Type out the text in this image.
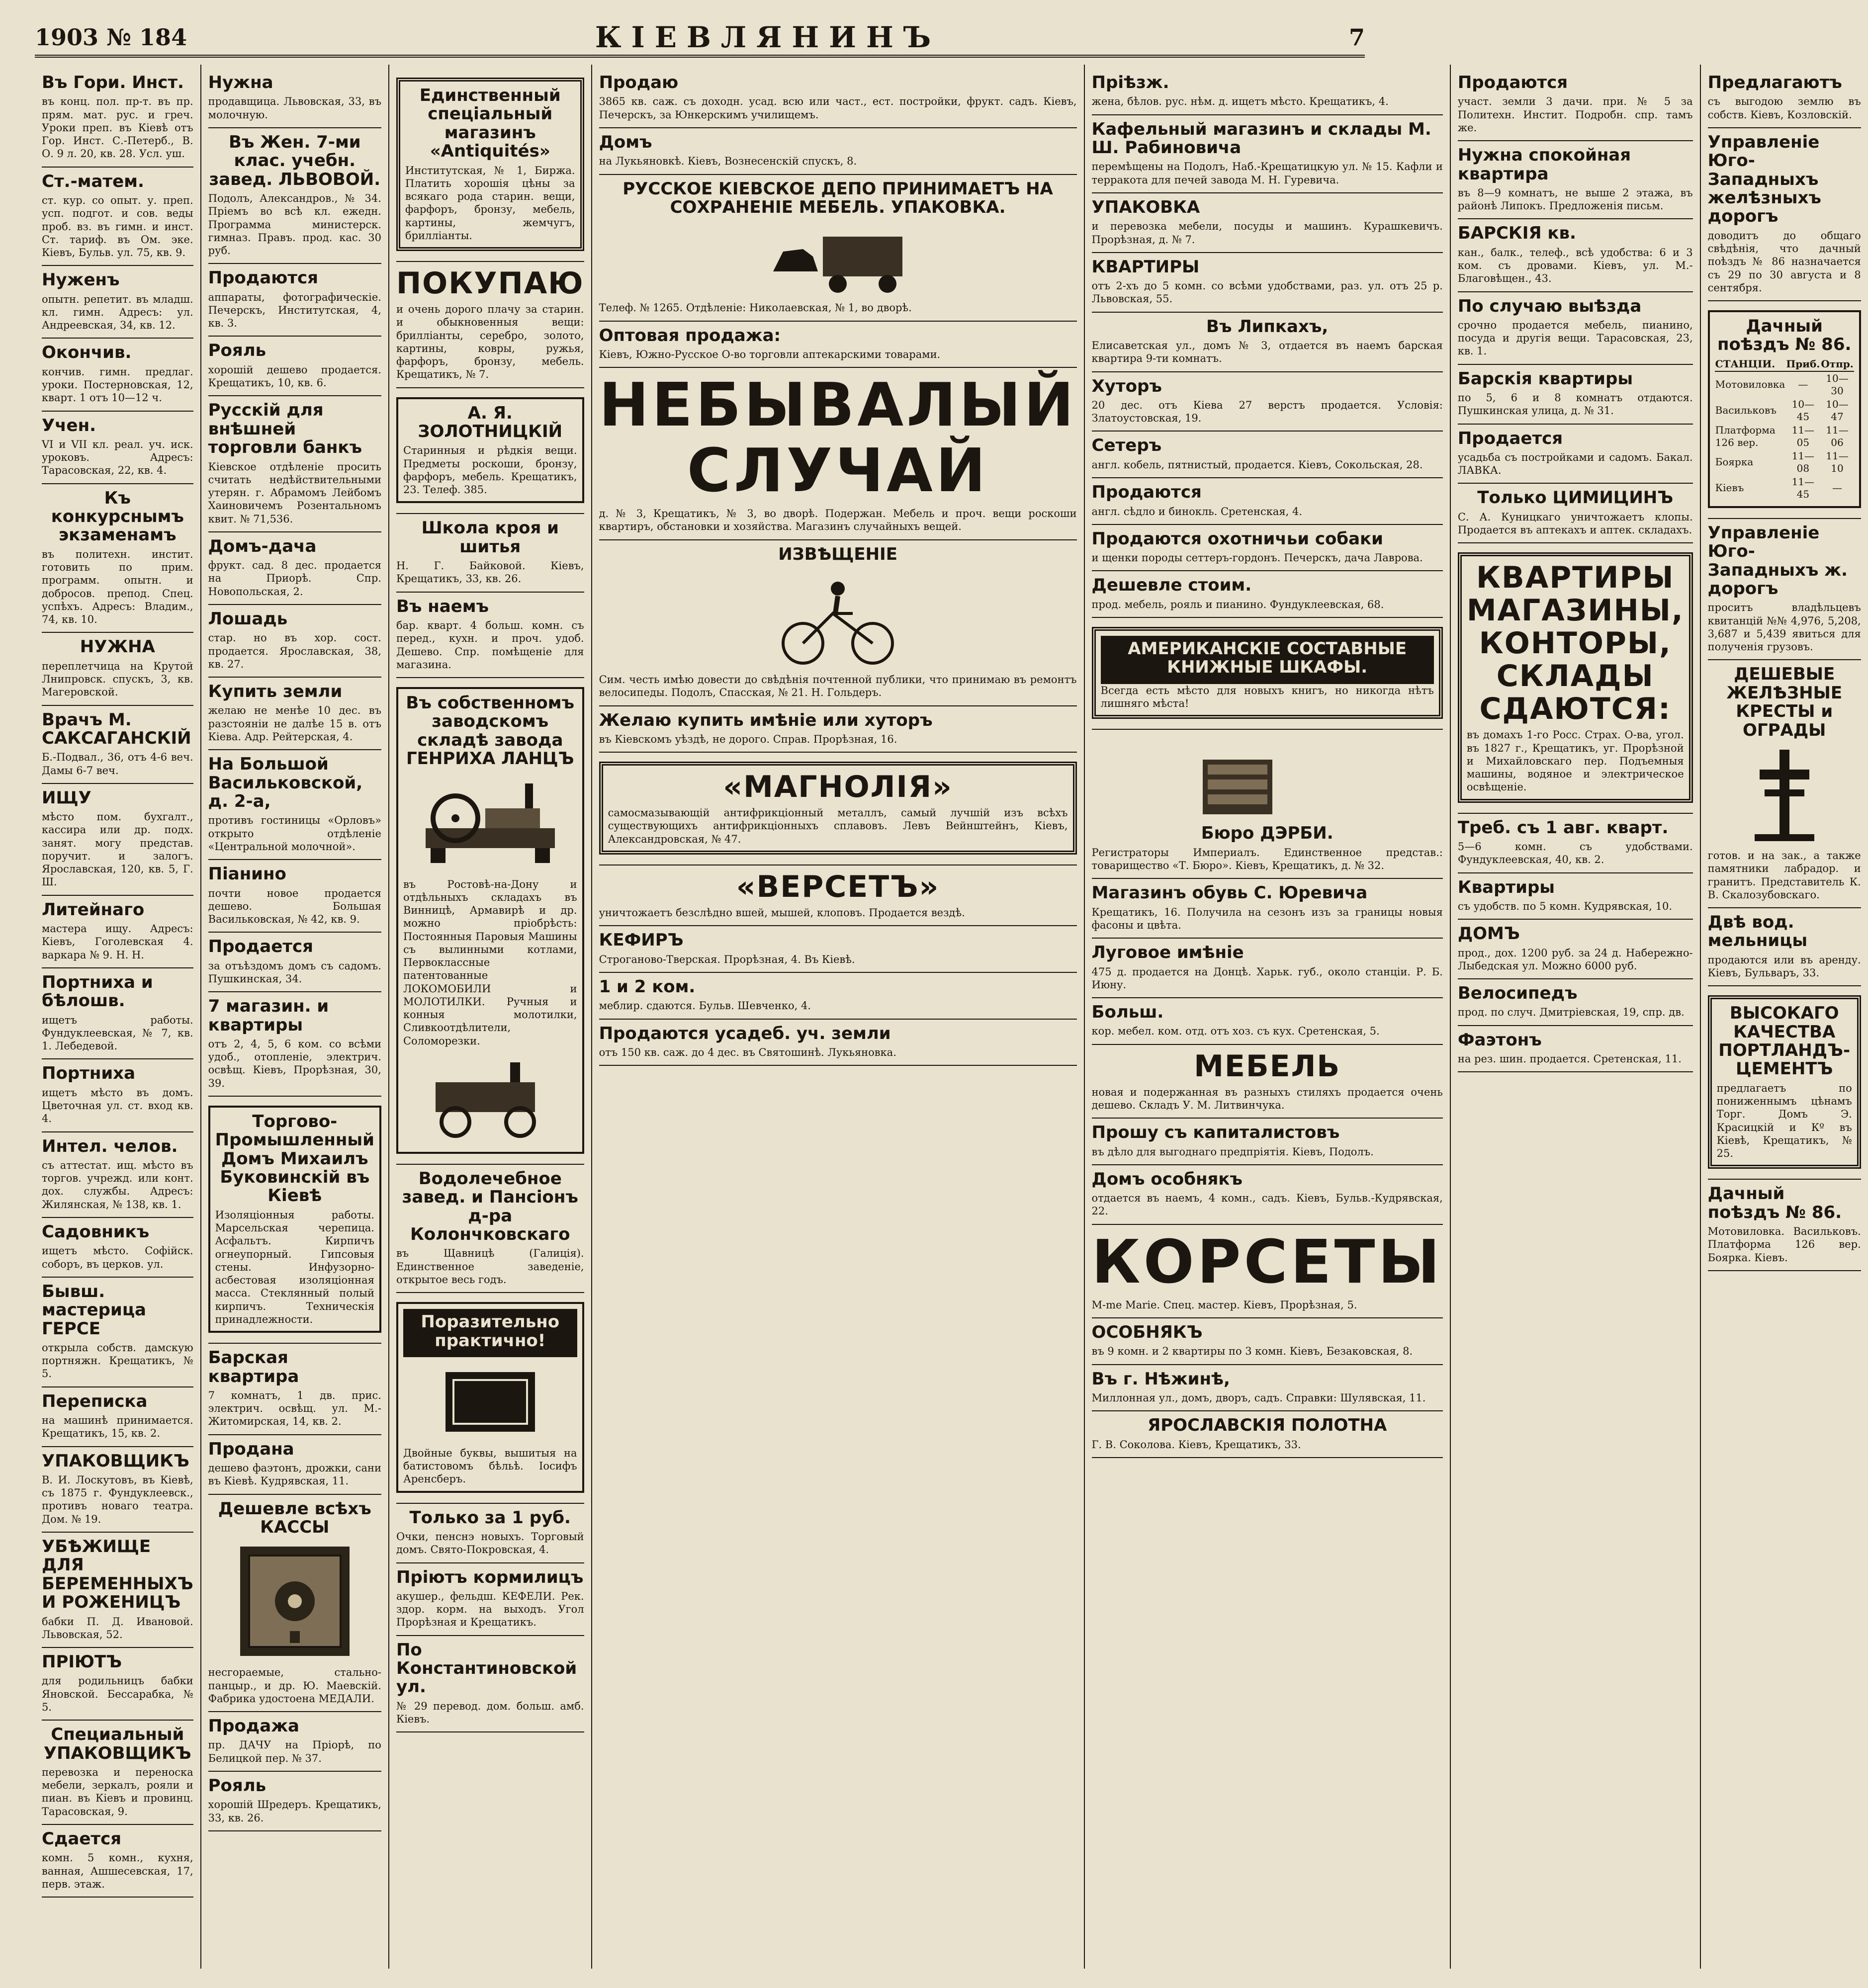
1903 № 184	КІЕВЛЯНИНЪ	7
Въ Гори. Инст.
въ конц. пол. пр-т. въ пр. прям. мат. рус. и греч. Уроки преп. въ Кіевѣ отъ Гор. Инст. С.-Петерб., В. О. 9 л. 20, кв. 28. Усл. уш.
Ст.-матем.
ст. кур. со опыт. у. преп. усп. подгот. и сов. веды проб. вз. въ гимн. и инст. Ст. тариф. въ Ом. эке. Кіевъ, Бульв. ул. 75, кв. 9.
Нуженъ
опытн. репетит. въ младш. кл. гимн. Адресъ: ул. Андреевская, 34, кв. 12.
Окончив.
кончив. гимн. предлаг. уроки. Постерновская, 12, кварт. 1 отъ 10—12 ч.
Учен.
VI и VII кл. реал. уч. иск. уроковъ. Адресъ: Тарасовская, 22, кв. 4.
Къ конкурснымъ экзаменамъ
въ политехн. инстит. готовить по прим. программ. опытн. и добросов. препод. Спец. успѣхъ. Адресъ: Владим., 74, кв. 10.
НУЖНА
переплетчица на Крутой Лнипровск. спускъ, 3, кв. Магеровской.
Врачъ М. САКСАГАНСКІЙ
Б.-Подвал., 36, отъ 4-6 веч. Дамы 6-7 веч.
ИЩУ
мѣсто пом. бухгалт., кассира или др. подх. занят. могу представ. поручит. и залогъ. Ярославская, 120, кв. 5, Г. Ш.
Литейнаго
мастера ищу. Адресъ: Кіевъ, Гоголевская 4. варкара № 9. Н. Н.
Портниха и бѣлошв.
ищетъ работы. Фундуклеевская, № 7, кв. 1. Лебедевой.
Портниха
ищетъ мѣсто въ домъ. Цветочная ул. ст. вход кв. 4.
Интел. челов.
съ аттестат. ищ. мѣсто въ торгов. учрежд. или конт. дох. службы. Адресъ: Жилянская, № 138, кв. 1.
Садовникъ
ищетъ мѣсто. Софійск. соборъ, въ церков. ул.
Бывш. мастерица ГЕРСЕ
открыла собств. дамскую портняжн. Крещатикъ, № 5.
Переписка
на машинѣ принимается. Крещатикъ, 15, кв. 2.
УПАКОВЩИКЪ
В. И. Лоскутовъ, въ Кіевѣ, съ 1875 г. Фундуклеевск., противъ новаго театра. Дом. № 19.
УБѢЖИЩЕ ДЛЯ БЕРЕМЕННЫХЪ И РОЖЕНИЦЪ
бабки П. Д. Ивановой. Львовская, 52.
ПРІЮТЪ
для родильницъ бабки Яновской. Бессарабка, № 5.
Специальный УПАКОВЩИКЪ
перевозка и переноска мебели, зеркалъ, рояли и пиан. въ Кіевъ и провинц. Тарасовская, 9.
Сдается
комн. 5 комн., кухня, ванная, Ашшесевская, 17, перв. этаж.
Нужна
продавщица. Львовская, 33, въ молочную.
Въ Жен. 7-ми клас. учебн. завед. ЛЬВОВОЙ.
Подолъ, Александров., № 34. Пріемъ во всѣ кл. ежедн. Программа министерск. гимназ. Правъ. прод. кас. 30 руб.
Продаются
аппараты, фотографическіе. Печерскъ, Институтская, 4, кв. 3.
Рояль
хорошій дешево продается. Крещатикъ, 10, кв. 6.
Русскій для внѣшней торговли банкъ
Кіевское отдѣленіе просить считать недѣйствительными утерян. г. Абрамомъ Лейбомъ Хаиновичемъ Розентальномъ квит. № 71,536.
Домъ-дача
фрукт. сад. 8 дес. продается на Приорѣ. Спр. Новопольская, 2.
Лошадь
стар. но въ хор. сост. продается. Ярославская, 38, кв. 27.
Купить земли
желаю не менѣе 10 дес. въ разстояніи не далѣе 15 в. отъ Кіева. Адр. Рейтерская, 4.
На Большой Васильковской, д. 2-а,
противъ гостиницы «Орловъ» открыто отдѣленіе «Центральной молочной».
Піанино
почти новое продается дешево. Большая Васильковская, № 42, кв. 9.
Продается
за отъѣздомъ домъ съ садомъ. Пушкинская, 34.
7 магазин. и квартиры
отъ 2, 4, 5, 6 ком. со всѣми удоб., отопленіе, электрич. освѣщ. Кіевъ, Прорѣзная, 30, 39.
Торгово-Промышленный Домъ Михаилъ Буковинскій въ Кіевѣ
Изоляціонныя работы. Марсельская черепица. Асфальтъ. Кирпичъ огнеупорный. Гипсовыя стены. Инфузорно-асбестовая изоляціонная масса. Стеклянный полый кирпичъ. Техническія принадлежности.
Барская квартира
7 комнатъ, 1 дв. прис. электрич. освѣщ. ул. М.-Житомирская, 14, кв. 2.
Продана
дешево фаэтонъ, дрожки, сани въ Кіевѣ. Кудрявская, 11.
Дешевле всѣхъ КАССЫ
несгораемые, стально-панцыр., и др. Ю. Маевскій. Фабрика удостоена МЕДАЛИ.
Продажа
пр. ДАЧУ на Пріорѣ, по Белицкой пер. № 37.
Рояль
хорошій Шредеръ. Крещатикъ, 33, кв. 26.
Единственный спеціальный магазинъ «Antiquités»
Институтская, № 1, Биржа. Платить хорошія цѣны за всякаго рода старин. вещи, фарфоръ, бронзу, мебель, картины, жемчугъ, брилліанты.
ПОКУПАЮ
и очень дорого плачу за старин. и обыкновенныя вещи: брилліанты, серебро, золото, картины, ковры, ружья, фарфоръ, бронзу, мебель. Крещатикъ, № 7.
А. Я. ЗОЛОТНИЦКІЙ
Старинныя и рѣдкія вещи. Предметы роскоши, бронзу, фарфоръ, мебель. Крещатикъ, 23. Телеф. 385.
Школа кроя и шитья
Н. Г. Байковой. Кіевъ, Крещатикъ, 33, кв. 26.
Въ наемъ
бар. кварт. 4 больш. комн. съ перед., кухн. и проч. удоб. Дешево. Спр. помѣщеніе для магазина.
Въ собственномъ заводскомъ складѣ завода ГЕНРИХА ЛАНЦЪ
въ Ростовѣ-на-Дону и отдѣльныхъ складахъ въ Винницѣ, Армавирѣ и др. можно пріобрѣсть: Постоянныя Паровыя Машины съ вылинными котлами, Первоклассные патентованные ЛОКОМОБИЛИ и МОЛОТИЛКИ. Ручныя и конныя молотилки, Сливкоотдѣлители, Соломорезки.
Водолечебное завед. и Пансіонъ д-ра Колончковскаго
въ Щавницѣ (Галиція). Единственное заведеніе, открытое весь годъ.
Поразительно практично!
Двойные буквы, вышитыя на батистовомъ бѣльѣ. Іосифъ Аренсберъ.
Только за 1 руб.
Очки, пенснэ новыхъ. Торговый домъ. Свято-Покровская, 4.
Пріютъ кормилицъ
акушер., фельдш. КЕФЕЛИ. Рек. здор. корм. на выходъ. Угол Прорѣзная и Крещатикъ.
По Константиновской ул.
№ 29 перевод. дом. больш. амб. Кіевъ.
Продаю
3865 кв. саж. съ доходн. усад. всю или част., ест. постройки, фрукт. садъ. Кіевъ, Печерскъ, за Юнкерскимъ училищемъ.
Домъ
на Лукьяновкѣ. Кіевъ, Вознесенскій спускъ, 8.
РУССКОЕ КІЕВСКОЕ ДЕПО ПРИНИМАЕТЪ НА СОХРАНЕНІЕ МЕБЕЛЬ. УПАКОВКА.
Телеф. № 1265. Отдѣленіе: Николаевская, № 1, во дворѣ.
Оптовая продажа:
Кіевъ, Южно-Русское О-во торговли аптекарскими товарами.
НЕБЫВАЛЫЙ СЛУЧАЙ
д. № 3, Крещатикъ, № 3, во дворѣ. Подержан. Мебель и проч. вещи роскоши квартиръ, обстановки и хозяйства. Магазинъ случайныхъ вещей.
ИЗВѢЩЕНІЕ
Сим. честь имѣю довести до свѣдѣнія почтенной публики, что принимаю въ ремонтъ велосипеды. Подолъ, Спасская, № 21. Н. Гольдеръ.
Желаю купить имѣніе или хуторъ
въ Кіевскомъ уѣздѣ, не дорого. Справ. Прорѣзная, 16.
«МАГНОЛІЯ»
самосмазывающій антифрикціонный металлъ, самый лучшій изъ всѣхъ существующихъ антифрикціонныхъ сплавовъ. Левъ Вейнштейнъ, Кіевъ, Александровская, № 47.
«ВЕРСЕТЪ»
уничтожаетъ безслѣдно вшей, мышей, клоповъ. Продается вездѣ.
КЕФИРЪ
Строганово-Тверская. Прорѣзная, 4. Въ Кіевѣ.
1 и 2 ком.
меблир. сдаются. Бульв. Шевченко, 4.
Продаются усадеб. уч. земли
отъ 150 кв. саж. до 4 дес. въ Святошинѣ. Лукьяновка.
Пріѣзж.
жена, бѣлов. рус. нѣм. д. ищетъ мѣсто. Крещатикъ, 4.
Кафельный магазинъ и склады М. Ш. Рабиновича
перемѣщены на Подолъ, Наб.-Крещатицкую ул. № 15. Кафли и терракота для печей завода М. Н. Гуревича.
УПАКОВКА
и перевозка мебели, посуды и машинъ. Курашкевичъ. Прорѣзная, д. № 7.
КВАРТИРЫ
отъ 2-хъ до 5 комн. со всѣми удобствами, раз. ул. отъ 25 р. Львовская, 55.
Въ Липкахъ,
Елисаветская ул., домъ № 3, отдается въ наемъ барская квартира 9-ти комнатъ.
Хуторъ
20 дес. отъ Кіева 27 верстъ продается. Условія: Златоустовская, 19.
Сетеръ
англ. кобель, пятнистый, продается. Кіевъ, Сокольская, 28.
Продаются
англ. сѣдло и бинокль. Сретенская, 4.
Продаются охотничьи собаки
и щенки породы сеттеръ-гордонъ. Печерскъ, дача Лаврова.
Дешевле стоим.
прод. мебель, рояль и пианино. Фундуклеевская, 68.
АМЕРИКАНСКІЕ СОСТАВНЫЕ КНИЖНЫЕ ШКАФЫ.
Всегда есть мѣсто для новыхъ книгъ, но никогда нѣтъ лишняго мѣста!
Бюро ДЭРБИ.
Регистраторы Империалъ. Единственное представ.: товарищество «Т. Бюро». Кіевъ, Крещатикъ, д. № 32.
Магазинъ обувь С. Юревича
Крещатикъ, 16. Получила на сезонъ изъ за границы новыя фасоны и цвѣта.
Луговое имѣніе
475 д. продается на Донцѣ. Харьк. губ., около станціи. Р. Б. Июну.
Больш.
кор. мебел. ком. отд. отъ хоз. съ кух. Сретенская, 5.
МЕБЕЛЬ
новая и подержанная въ разныхъ стиляхъ продается очень дешево. Складъ У. М. Литвинчука.
Прошу съ капиталистовъ
въ дѣло для выгоднаго предпріятія. Кіевъ, Подолъ.
Домъ особнякъ
отдается въ наемъ, 4 комн., садъ. Кіевъ, Бульв.-Кудрявская, 22.
КОРСЕТЫ
M-me Marie. Спец. мастер. Кіевъ, Прорѣзная, 5.
ОСОБНЯКЪ
въ 9 комн. и 2 квартиры по 3 комн. Кіевъ, Безаковская, 8.
Въ г. Нѣжинѣ,
Миллонная ул., домъ, дворъ, садъ. Справки: Шулявская, 11.
ЯРОСЛАВСКІЯ ПОЛОТНА
Г. В. Соколова. Кіевъ, Крещатикъ, 33.
Продаются
участ. земли 3 дачи. при. № 5 за Политехн. Инстит. Подробн. спр. тамъ же.
Нужна спокойная квартира
въ 8—9 комнатъ, не выше 2 этажа, въ районѣ Липокъ. Предложенія письм.
БАРСКІЯ кв.
кан., балк., телеф., всѣ удобства: 6 и 3 ком. съ дровами. Кіевъ, ул. М.-Благовѣщен., 43.
По случаю выѣзда
срочно продается мебель, пианино, посуда и другія вещи. Тарасовская, 23, кв. 1.
Барскія квартиры
по 5, 6 и 8 комнатъ отдаются. Пушкинская улица, д. № 31.
Продается
усадьба съ постройками и садомъ. Бакал. ЛАВКА.
Только ЦИМИЦИНЪ
С. А. Куницкаго уничтожаетъ клопы. Продается въ аптекахъ и аптек. складахъ.
КВАРТИРЫ МАГАЗИНЫ, КОНТОРЫ, СКЛАДЫ СДАЮТСЯ:
въ домахъ 1-го Росс. Страх. О-ва, угол. въ 1827 г., Крещатикъ, уг. Прорѣзной и Михайловскаго пер. Подъемныя машины, водяное и электрическое освѣщеніе.
Треб. съ 1 авг. кварт.
5—6 комн. съ удобствами. Фундуклеевская, 40, кв. 2.
Квартиры
съ удобств. по 5 комн. Кудрявская, 10.
ДОМЪ
прод., дох. 1200 руб. за 24 д. Набережно-Лыбедская ул. Можно 6000 руб.
Велосипедъ
прод. по случ. Дмитріевская, 19, спр. дв.
Фаэтонъ
на рез. шин. продается. Сретенская, 11.
Предлагаютъ
съ выгодою землю въ собств. Кіевъ, Козловскій.
Управленіе Юго-Западныхъ желѣзныхъ дорогъ
доводитъ до общаго свѣдѣнія, что дачный поѣздъ № 86 назначается съ 29 по 30 августа и 8 сентября.
Дачный поѣздъ № 86.
СТАНЦІИ.	Приб.	Отпр.
Мотовиловка	—	10—30
Васильковъ	10—45	10—47
Платформа 126 вер.	11—05	11—06
Боярка	11—08	11—10
Кіевъ	11—45	—
Управленіе Юго-Западныхъ ж. дорогъ
проситъ владѣльцевъ квитанцій №№ 4,976, 5,208, 3,687 и 5,439 явиться для полученія грузовъ.
ДЕШЕВЫЕ ЖЕЛѢЗНЫЕ КРЕСТЫ и ОГРАДЫ
готов. и на зак., а также памятники лабрадор. и гранитъ. Представитель К. В. Скалозубовскаго.
Двѣ вод. мельницы
продаются или въ аренду. Кіевъ, Бульваръ, 33.
ВЫСОКАГО КАЧЕСТВА ПОРТЛАНДЪ-ЦЕМЕНТЪ
предлагаетъ по пониженнымъ цѣнамъ Торг. Домъ Э. Красицкій и Кº въ Кіевѣ, Крещатикъ, № 25.
Дачный поѣздъ № 86.
Мотовиловка. Васильковъ. Платформа 126 вер. Боярка. Кіевъ.
